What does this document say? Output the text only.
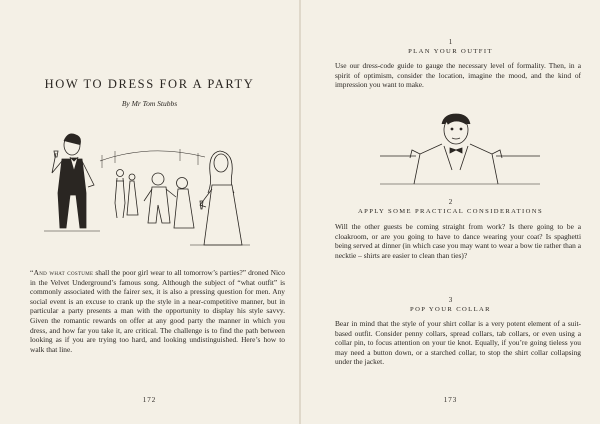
HOW TO DRESS FOR A PARTY
By Mr Tom Stubbs

“And what costume shall the poor girl wear to all tomorrow’s parties?” droned Nico in the Velvet Underground’s famous song. Although the subject of “what outfit” is commonly associated with the fairer sex, it is also a pressing question for men. Any social event is an excuse to crank up the style in a near-competitive manner, but in particular a party presents a man with the opportunity to display his style savvy. Given the romantic rewards on offer at any good party the manner in which you dress, and how far you take it, are critical. The challenge is to find the path between looking as if you are trying too hard, and looking undistinguished. Here’s how to walk that line.

172
1
PLAN YOUR OUTFIT

Use our dress-code guide to gauge the necessary level of formality. Then, in a spirit of optimism, consider the location, imagine the mood, and the kind of impression you want to make.

2
APPLY SOME PRACTICAL CONSIDERATIONS

Will the other guests be coming straight from work? Is there going to be a cloakroom, or are you going to have to dance wearing your coat? Is spaghetti being served at dinner (in which case you may want to wear a bow tie rather than a necktie – shirts are easier to clean than ties)?

3
POP YOUR COLLAR

Bear in mind that the style of your shirt collar is a very potent element of a suit-based outfit. Consider penny collars, spread collars, tab collars, or even using a collar pin, to focus attention on your tie knot. Equally, if you’re going tieless you may need a button down, or a starched collar, to stop the shirt collar collapsing under the jacket.

173
